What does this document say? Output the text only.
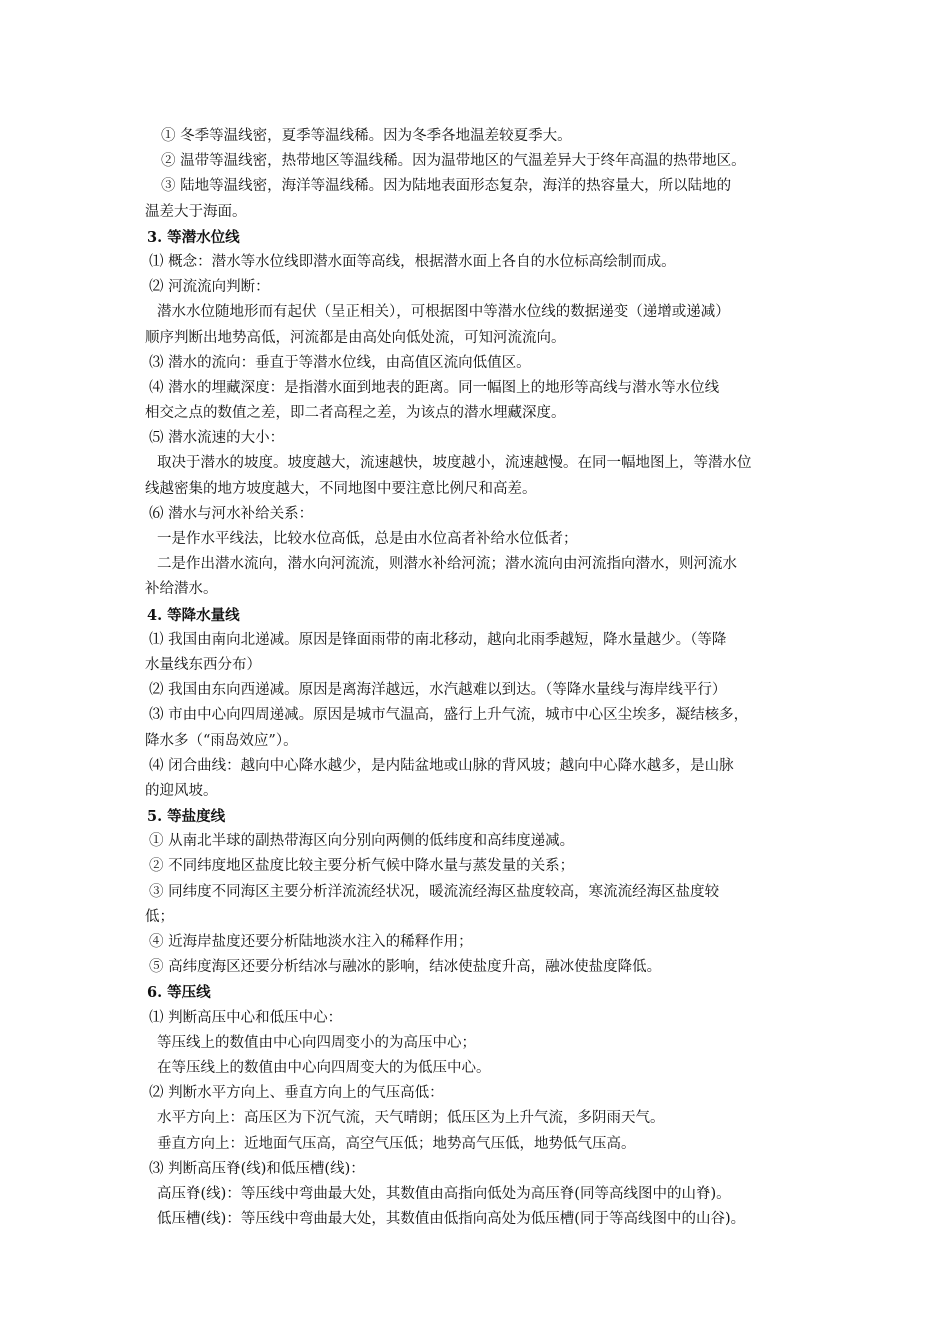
① 冬季等温线密，夏季等温线稀。因为冬季各地温差较夏季大。
② 温带等温线密，热带地区等温线稀。因为温带地区的气温差异大于终年高温的热带地区。
③ 陆地等温线密，海洋等温线稀。因为陆地表面形态复杂，海洋的热容量大，所以陆地的
温差大于海面。
3. 等潜水位线
⑴ 概念：潜水等水位线即潜水面等高线，根据潜水面上各自的水位标高绘制而成。
⑵ 河流流向判断：
潜水水位随地形而有起伏（呈正相关），可根据图中等潜水位线的数据递变（递增或递减）
顺序判断出地势高低，河流都是由高处向低处流，可知河流流向。
⑶ 潜水的流向：垂直于等潜水位线，由高值区流向低值区。
⑷ 潜水的埋藏深度：是指潜水面到地表的距离。同一幅图上的地形等高线与潜水等水位线
相交之点的数值之差，即二者高程之差，为该点的潜水埋藏深度。
⑸ 潜水流速的大小：
取决于潜水的坡度。坡度越大，流速越快，坡度越小，流速越慢。在同一幅地图上，等潜水位
线越密集的地方坡度越大，不同地图中要注意比例尺和高差。
⑹ 潜水与河水补给关系：
一是作水平线法，比较水位高低，总是由水位高者补给水位低者；
二是作出潜水流向，潜水向河流流，则潜水补给河流；潜水流向由河流指向潜水，则河流水
补给潜水。
4. 等降水量线
⑴ 我国由南向北递减。原因是锋面雨带的南北移动，越向北雨季越短，降水量越少。（等降
水量线东西分布）
⑵ 我国由东向西递减。原因是离海洋越远，水汽越难以到达。（等降水量线与海岸线平行）
⑶ 市由中心向四周递减。原因是城市气温高，盛行上升气流，城市中心区尘埃多，凝结核多，
降水多（“雨岛效应”）。
⑷ 闭合曲线：越向中心降水越少，是内陆盆地或山脉的背风坡；越向中心降水越多，是山脉
的迎风坡。
5. 等盐度线
① 从南北半球的副热带海区向分别向两侧的低纬度和高纬度递减。
② 不同纬度地区盐度比较主要分析气候中降水量与蒸发量的关系；
③ 同纬度不同海区主要分析洋流流经状况，暖流流经海区盐度较高，寒流流经海区盐度较
低；
④ 近海岸盐度还要分析陆地淡水注入的稀释作用；
⑤ 高纬度海区还要分析结冰与融冰的影响，结冰使盐度升高，融冰使盐度降低。
6. 等压线
⑴ 判断高压中心和低压中心：
等压线上的数值由中心向四周变小的为高压中心；
在等压线上的数值由中心向四周变大的为低压中心。
⑵ 判断水平方向上、垂直方向上的气压高低：
水平方向上：高压区为下沉气流，天气晴朗；低压区为上升气流，多阴雨天气。
垂直方向上：近地面气压高，高空气压低；地势高气压低，地势低气压高。
⑶ 判断高压脊(线)和低压槽(线)：
高压脊(线)：等压线中弯曲最大处，其数值由高指向低处为高压脊(同等高线图中的山脊)。
低压槽(线)：等压线中弯曲最大处，其数值由低指向高处为低压槽(同于等高线图中的山谷)。
